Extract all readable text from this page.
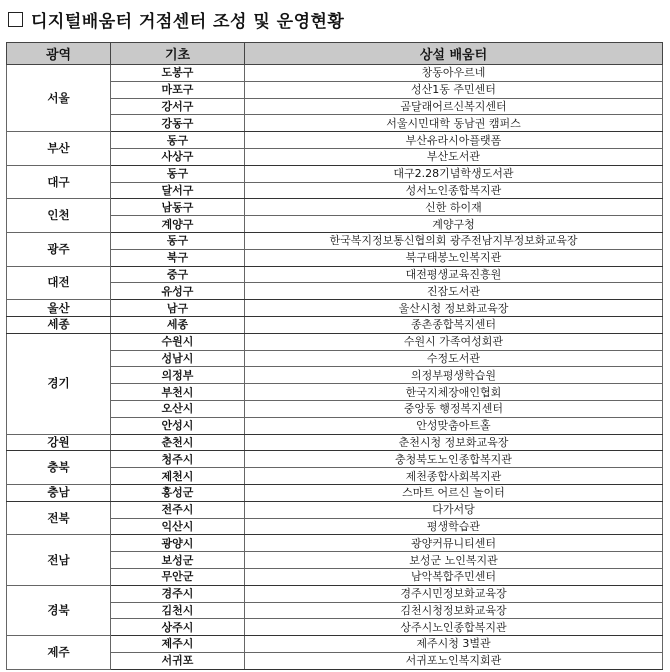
디지털배움터 거점센터 조성 및 운영현황
광역	기초	상설 배움터
서울	도봉구	창동아우르네
	마포구	성산1동 주민센터
	강서구	곰달래어르신복지센터
	강동구	서울시민대학 동남권 캠퍼스
부산	동구	부산유라시아플랫폼
	사상구	부산도서관
대구	동구	대구2.28기념학생도서관
	달서구	성서노인종합복지관
인천	남동구	신한 하이재
	계양구	계양구청
광주	동구	한국복지정보통신협의회 광주전남지부정보화교육장
	북구	북구태봉노인복지관
대전	중구	대전평생교육진흥원
	유성구	진잠도서관
울산	남구	울산시청 정보화교육장
세종	세종	종촌종합복지센터
경기	수원시	수원시 가족여성회관
	성남시	수정도서관
	의정부	의정부평생학습원
	부천시	한국지체장애인협회
	오산시	중앙동 행정복지센터
	안성시	안성맞춤아트홀
강원	춘천시	춘천시청 정보화교육장
충북	청주시	충청북도노인종합복지관
	제천시	제천종합사회복지관
충남	홍성군	스마트 어르신 놀이터
전북	전주시	다가서당
	익산시	평생학습관
전남	광양시	광양커뮤니티센터
	보성군	보성군 노인복지관
	무안군	남악복합주민센터
경북	경주시	경주시민정보화교육장
	김천시	김천시청정보화교육장
	상주시	상주시노인종합복지관
제주	제주시	제주시청 3별관
	서귀포	서귀포노인복지회관
